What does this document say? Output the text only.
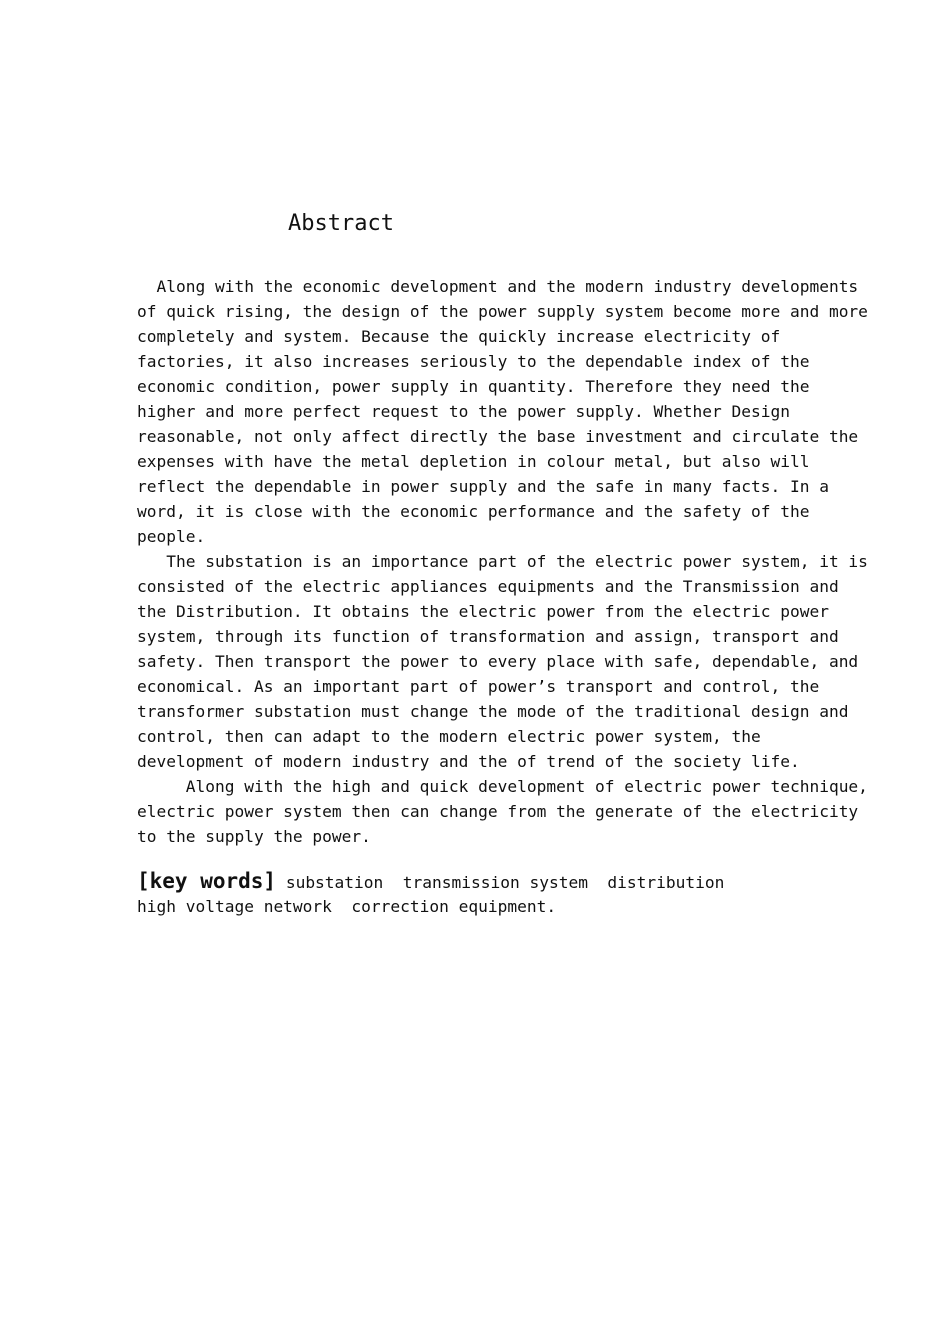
Abstract
Along with the economic development and the modern industry developments
of quick rising, the design of the power supply system become more and more
completely and system. Because the quickly increase electricity of
factories, it also increases seriously to the dependable index of the
economic condition, power supply in quantity. Therefore they need the
higher and more perfect request to the power supply. Whether Design
reasonable, not only affect directly the base investment and circulate the
expenses with have the metal depletion in colour metal, but also will
reflect the dependable in power supply and the safe in many facts. In a
word, it is close with the economic performance and the safety of the
people.
The substation is an importance part of the electric power system, it is
consisted of the electric appliances equipments and the Transmission and
the Distribution. It obtains the electric power from the electric power
system, through its function of transformation and assign, transport and
safety. Then transport the power to every place with safe, dependable, and
economical. As an important part of power’s transport and control, the
transformer substation must change the mode of the traditional design and
control, then can adapt to the modern electric power system, the
development of modern industry and the of trend of the society life.
Along with the high and quick development of electric power technique,
electric power system then can change from the generate of the electricity
to the supply the power.
[key words] substation  transmission system  distribution
high voltage network  correction equipment.
